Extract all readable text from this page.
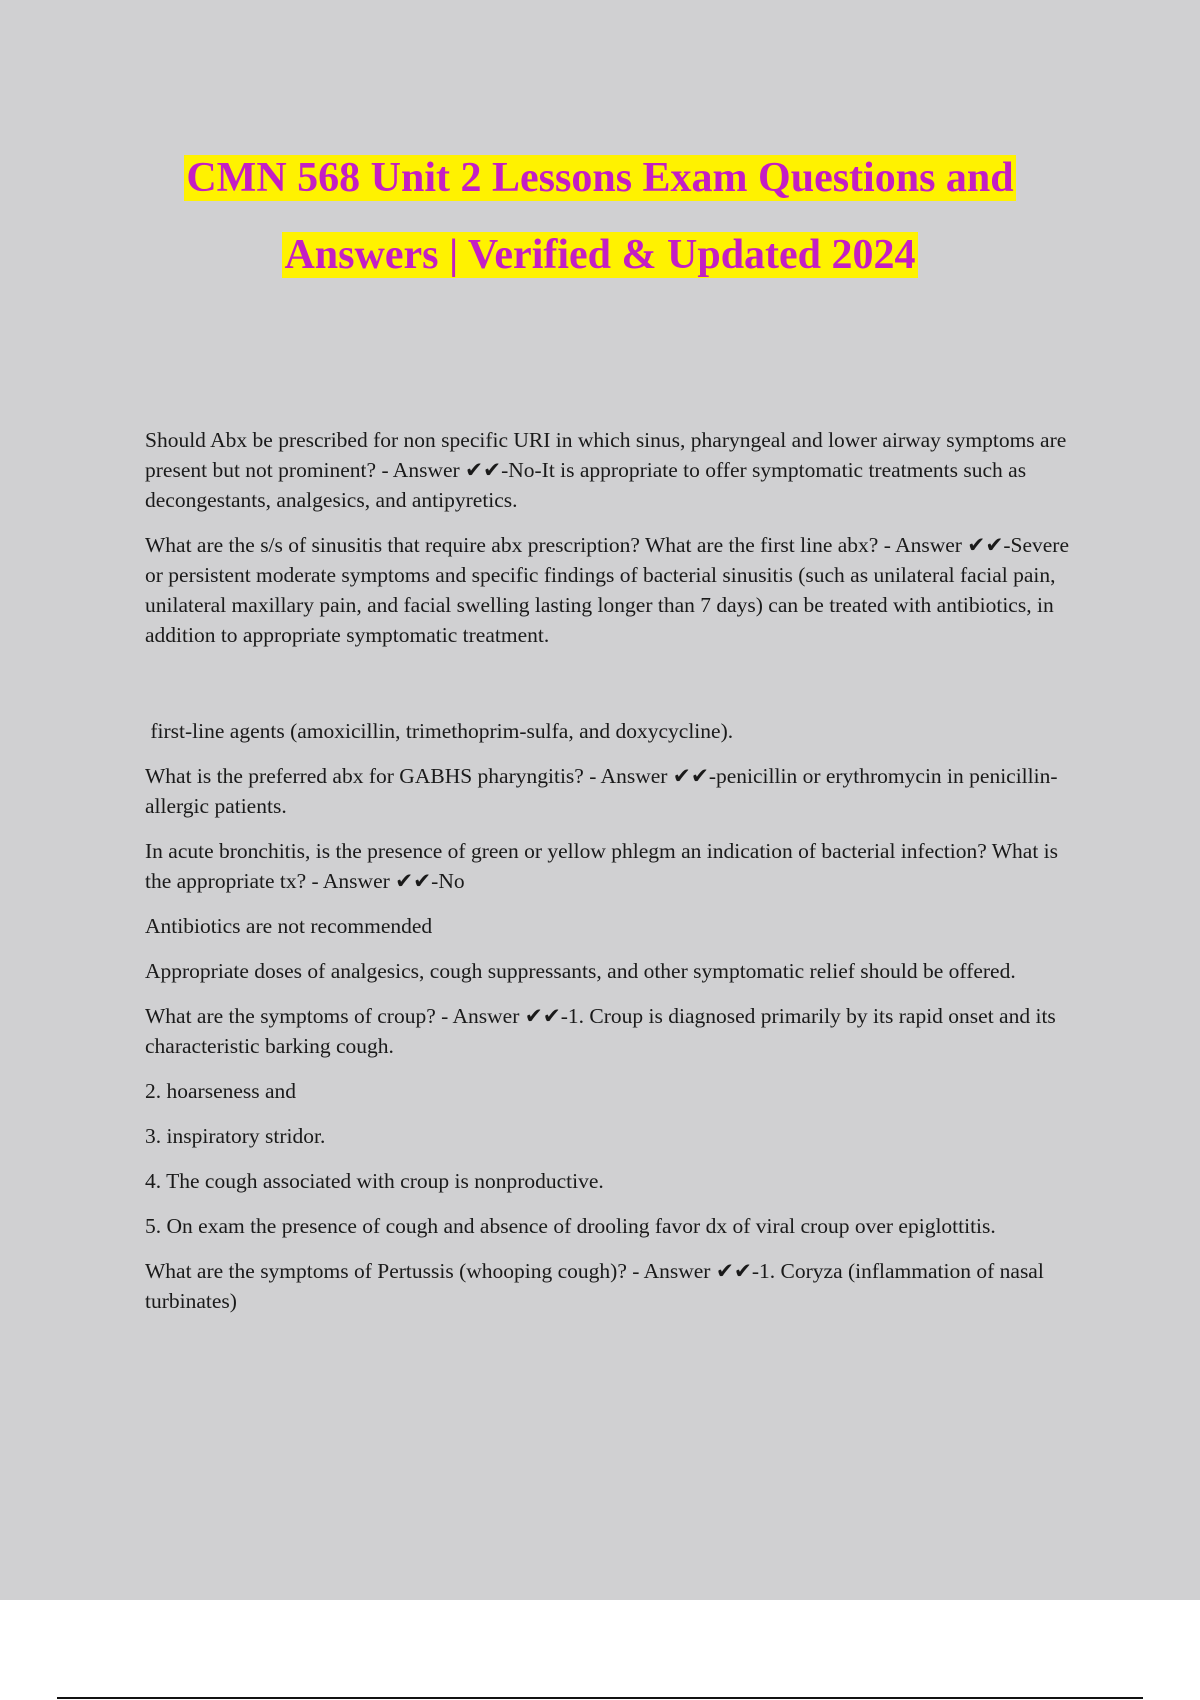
CMN 568 Unit 2 Lessons Exam Questions and
Answers | Verified & Updated 2024

Should Abx be prescribed for non specific URI in which sinus, pharyngeal and lower airway symptoms are present but not prominent? - Answer ✔✔-No-It is appropriate to offer symptomatic treatments such as decongestants, analgesics, and antipyretics.

What are the s/s of sinusitis that require abx prescription? What are the first line abx? - Answer ✔✔-Severe or persistent moderate symptoms and specific findings of bacterial sinusitis (such as unilateral facial pain, unilateral maxillary pain, and facial swelling lasting longer than 7 days) can be treated with antibiotics, in addition to appropriate symptomatic treatment.

first-line agents (amoxicillin, trimethoprim-sulfa, and doxycycline).

What is the preferred abx for GABHS pharyngitis? - Answer ✔✔-penicillin or erythromycin in penicillin-allergic patients.

In acute bronchitis, is the presence of green or yellow phlegm an indication of bacterial infection? What is the appropriate tx? - Answer ✔✔-No

Antibiotics are not recommended

Appropriate doses of analgesics, cough suppressants, and other symptomatic relief should be offered.

What are the symptoms of croup? - Answer ✔✔-1. Croup is diagnosed primarily by its rapid onset and its characteristic barking cough.

2. hoarseness and

3. inspiratory stridor.

4. The cough associated with croup is nonproductive.

5. On exam the presence of cough and absence of drooling favor dx of viral croup over epiglottitis.

What are the symptoms of Pertussis (whooping cough)? - Answer ✔✔-1. Coryza (inflammation of nasal turbinates)
